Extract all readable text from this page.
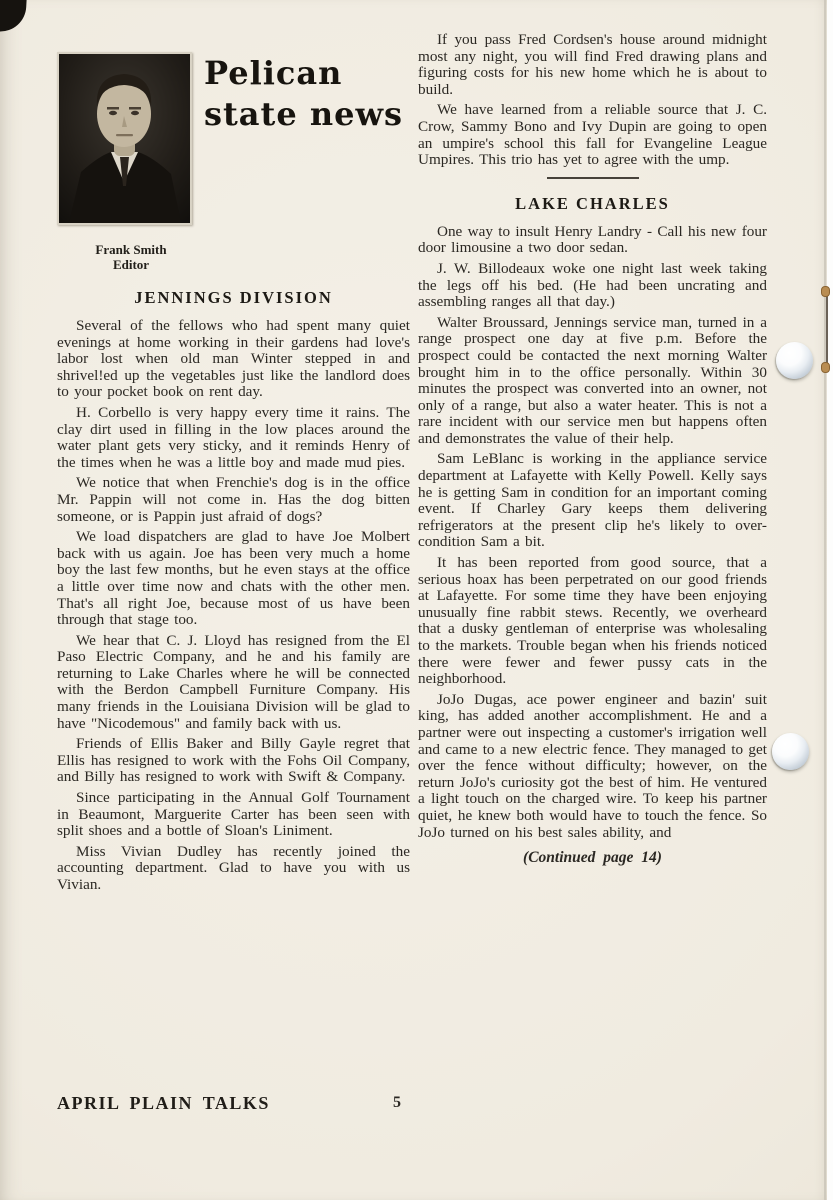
Pelican
state news
Frank Smith
Editor
JENNINGS DIVISION

Several of the fellows who had spent many quiet evenings at home working in their gardens had love's labor lost when old man Winter stepped in and shrivel!ed up the vegetables just like the landlord does to your pocket book on rent day.

H. Corbello is very happy every time it rains. The clay dirt used in filling in the low places around the water plant gets very sticky, and it reminds Henry of the times when he was a little boy and made mud pies.

We notice that when Frenchie's dog is in the office Mr. Pappin will not come in. Has the dog bitten someone, or is Pappin just afraid of dogs?

We load dispatchers are glad to have Joe Molbert back with us again. Joe has been very much a home boy the last few months, but he even stays at the office a little over time now and chats with the other men. That's all right Joe, because most of us have been through that stage too.

We hear that C. J. Lloyd has resigned from the El Paso Electric Company, and he and his family are returning to Lake Charles where he will be connected with the Berdon Campbell Furniture Company. His many friends in the Louisiana Division will be glad to have "Nicodemous" and family back with us.

Friends of Ellis Baker and Billy Gayle regret that Ellis has resigned to work with the Fohs Oil Company, and Billy has resigned to work with Swift & Company.

Since participating in the Annual Golf Tournament in Beaumont, Marguerite Carter has been seen with split shoes and a bottle of Sloan's Liniment.

Miss Vivian Dudley has recently joined the accounting department. Glad to have you with us Vivian.

If you pass Fred Cordsen's house around midnight most any night, you will find Fred drawing plans and figuring costs for his new home which he is about to build.

We have learned from a reliable source that J. C. Crow, Sammy Bono and Ivy Dupin are going to open an umpire's school this fall for Evangeline League Umpires. This trio has yet to agree with the ump.

LAKE CHARLES

One way to insult Henry Landry - Call his new four door limousine a two door sedan.

J. W. Billodeaux woke one night last week taking the legs off his bed. (He had been uncrating and assembling ranges all that day.)

Walter Broussard, Jennings service man, turned in a range prospect one day at five p.m. Before the prospect could be contacted the next morning Walter brought him in to the office personally. Within 30 minutes the prospect was converted into an owner, not only of a range, but also a water heater. This is not a rare incident with our service men but happens often and demonstrates the value of their help.

Sam LeBlanc is working in the appliance service department at Lafayette with Kelly Powell. Kelly says he is getting Sam in condition for an important coming event. If Charley Gary keeps them delivering refrigerators at the present clip he's likely to over-condition Sam a bit.

It has been reported from good source, that a serious hoax has been perpetrated on our good friends at Lafayette. For some time they have been enjoying unusually fine rabbit stews. Recently, we overheard that a dusky gentleman of enterprise was wholesaling to the markets. Trouble began when his friends noticed there were fewer and fewer pussy cats in the neighborhood.

JoJo Dugas, ace power engineer and bazin' suit king, has added another accomplishment. He and a partner were out inspecting a customer's irrigation well and came to a new electric fence. They managed to get over the fence without difficulty; however, on the return JoJo's curiosity got the best of him. He ventured a light touch on the charged wire. To keep his partner quiet, he knew both would have to touch the fence. So JoJo turned on his best sales ability, and

(Continued page 14)
APRIL PLAIN TALKS	5
